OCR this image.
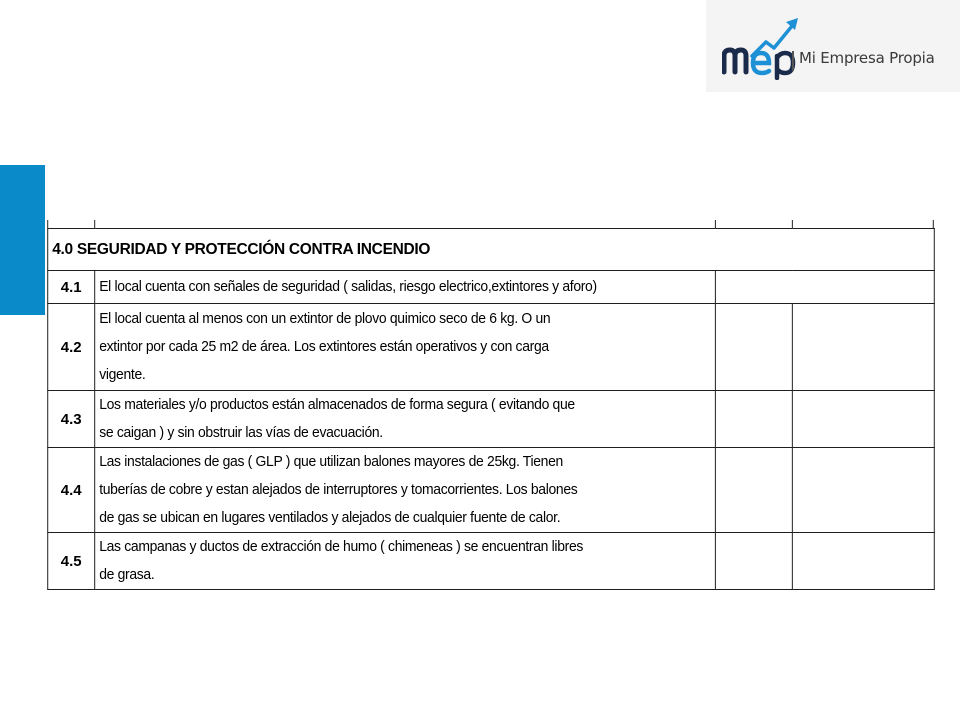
Mi Empresa Propia
4.0 SEGURIDAD Y PROTECCIÓN CONTRA INCENDIO			
4.1	El local cuenta con señales de seguridad ( salidas, riesgo electrico,extintores y aforo)		

4.2	El local cuenta al menos con un extintor de plovo quimico seco de 6 kg. O un
extintor por cada 25 m2 de área. Los extintores están operativos y con carga
vigente.		

4.3	Los materiales y/o productos están almacenados de forma segura ( evitando que
se caigan ) y sin obstruir las vías de evacuación.		

4.4	Las instalaciones de gas ( GLP ) que utilizan balones mayores de 25kg. Tienen
tuberías de cobre y estan alejados de interruptores y tomacorrientes. Los balones
de gas se ubican en lugares ventilados y alejados de cualquier fuente de calor.		

4.5	Las campanas y ductos de extracción de humo ( chimeneas ) se encuentran libres
de grasa.		
